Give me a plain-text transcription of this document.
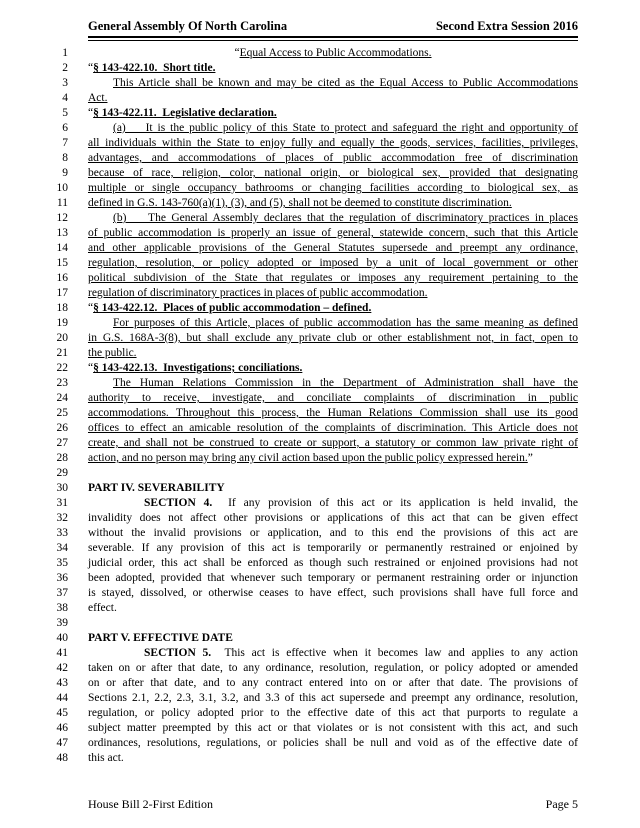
General Assembly Of North Carolina	Second Extra Session 2016
1	“Equal Access to Public Accommodations.
2 “§ 143-422.10.  Short title.
3	This Article shall be known and may be cited as the Equal Access to Public Accommodations
4 Act.
5 “§ 143-422.11.  Legislative declaration.
6	(a)    It is the public policy of this State to protect and safeguard the right and opportunity of
7 all individuals within the State to enjoy fully and equally the goods, services, facilities, privileges,
8 advantages, and accommodations of places of public accommodation free of discrimination
9 because of race, religion, color, national origin, or biological sex, provided that designating
10 multiple or single occupancy bathrooms or changing facilities according to biological sex, as
11 defined in G.S. 143-760(a)(1), (3), and (5), shall not be deemed to constitute discrimination.
12	(b)    The General Assembly declares that the regulation of discriminatory practices in places
13 of public accommodation is properly an issue of general, statewide concern, such that this Article
14 and other applicable provisions of the General Statutes supersede and preempt any ordinance,
15 regulation, resolution, or policy adopted or imposed by a unit of local government or other
16 political subdivision of the State that regulates or imposes any requirement pertaining to the
17 regulation of discriminatory practices in places of public accommodation.
18 “§ 143-422.12.  Places of public accommodation – defined.
19	For purposes of this Article, places of public accommodation has the same meaning as defined
20 in G.S. 168A-3(8), but shall exclude any private club or other establishment not, in fact, open to
21 the public.
22 “§ 143-422.13.  Investigations; conciliations.
23	The Human Relations Commission in the Department of Administration shall have the
24 authority to receive, investigate, and conciliate complaints of discrimination in public
25 accommodations. Throughout this process, the Human Relations Commission shall use its good
26 offices to effect an amicable resolution of the complaints of discrimination. This Article does not
27 create, and shall not be construed to create or support, a statutory or common law private right of
28 action, and no person may bring any civil action based upon the public policy expressed herein.”
29
30 PART IV. SEVERABILITY
31	SECTION 4.  If any provision of this act or its application is held invalid, the
32 invalidity does not affect other provisions or applications of this act that can be given effect
33 without the invalid provisions or application, and to this end the provisions of this act are
34 severable. If any provision of this act is temporarily or permanently restrained or enjoined by
35 judicial order, this act shall be enforced as though such restrained or enjoined provisions had not
36 been adopted, provided that whenever such temporary or permanent restraining order or injunction
37 is stayed, dissolved, or otherwise ceases to have effect, such provisions shall have full force and
38 effect.
39
40 PART V. EFFECTIVE DATE
41	SECTION 5.  This act is effective when it becomes law and applies to any action
42 taken on or after that date, to any ordinance, resolution, regulation, or policy adopted or amended
43 on or after that date, and to any contract entered into on or after that date. The provisions of
44 Sections 2.1, 2.2, 2.3, 3.1, 3.2, and 3.3 of this act supersede and preempt any ordinance, resolution,
45 regulation, or policy adopted prior to the effective date of this act that purports to regulate a
46 subject matter preempted by this act or that violates or is not consistent with this act, and such
47 ordinances, resolutions, regulations, or policies shall be null and void as of the effective date of
48 this act.
House Bill 2-First Edition	Page 5
